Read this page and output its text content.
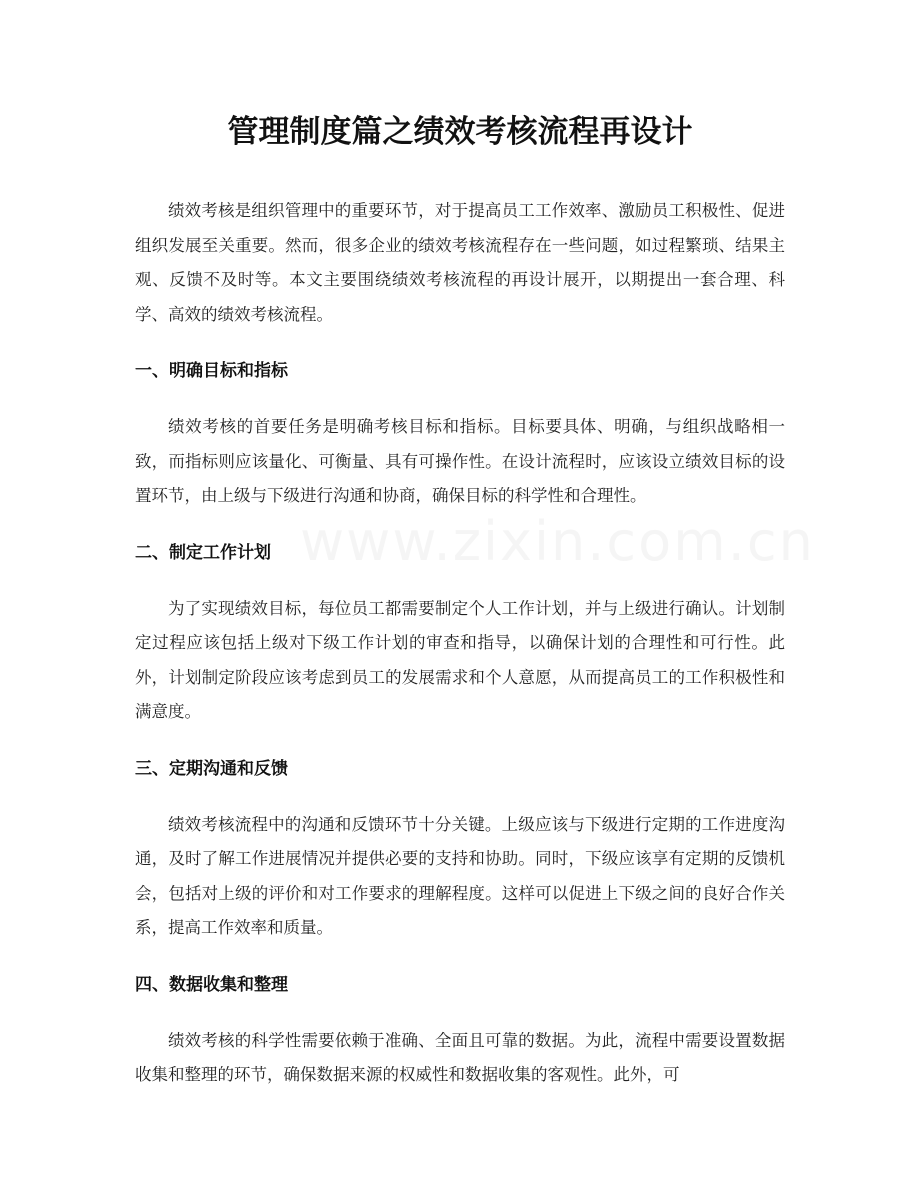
www.zixin.com.cn
管理制度篇之绩效考核流程再设计

绩效考核是组织管理中的重要环节，对于提高员工工作效率、激励员工积极性、促进组织发展至关重要。然而，很多企业的绩效考核流程存在一些问题，如过程繁琐、结果主观、反馈不及时等。本文主要围绕绩效考核流程的再设计展开，以期提出一套合理、科学、高效的绩效考核流程。

一、明确目标和指标

绩效考核的首要任务是明确考核目标和指标。目标要具体、明确，与组织战略相一致，而指标则应该量化、可衡量、具有可操作性。在设计流程时，应该设立绩效目标的设置环节，由上级与下级进行沟通和协商，确保目标的科学性和合理性。

二、制定工作计划

为了实现绩效目标，每位员工都需要制定个人工作计划，并与上级进行确认。计划制定过程应该包括上级对下级工作计划的审查和指导，以确保计划的合理性和可行性。此外，计划制定阶段应该考虑到员工的发展需求和个人意愿，从而提高员工的工作积极性和满意度。

三、定期沟通和反馈

绩效考核流程中的沟通和反馈环节十分关键。上级应该与下级进行定期的工作进度沟通，及时了解工作进展情况并提供必要的支持和协助。同时，下级应该享有定期的反馈机会，包括对上级的评价和对工作要求的理解程度。这样可以促进上下级之间的良好合作关系，提高工作效率和质量。

四、数据收集和整理

绩效考核的科学性需要依赖于准确、全面且可靠的数据。为此，流程中需要设置数据收集和整理的环节，确保数据来源的权威性和数据收集的客观性。此外，可
